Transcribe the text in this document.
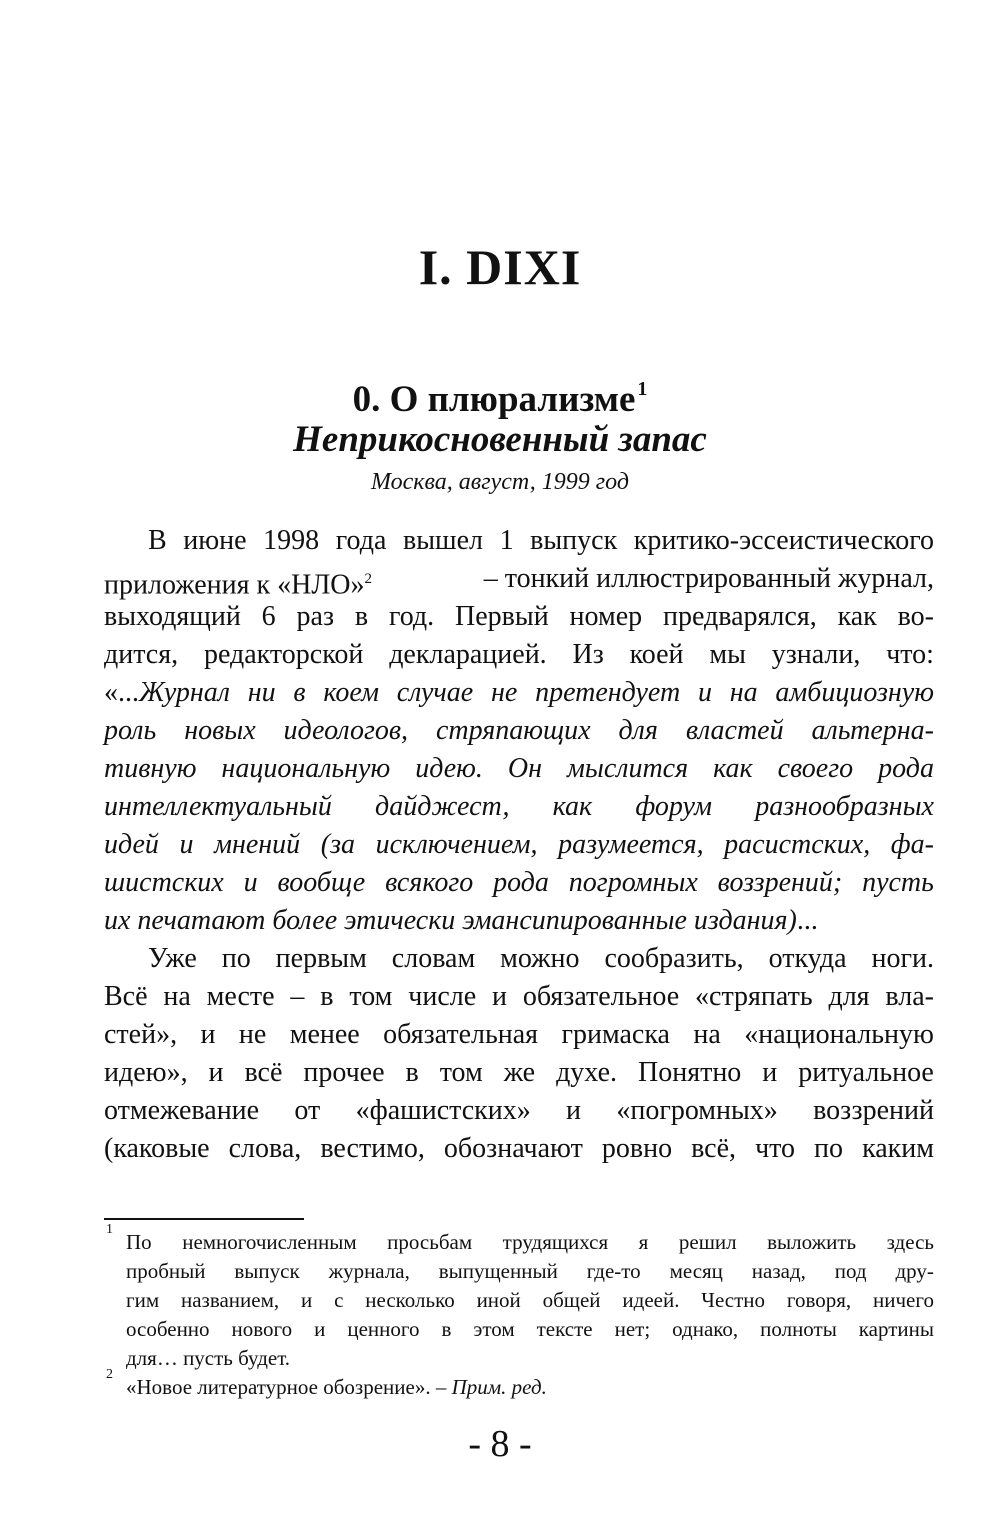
I. DIXI
0. О плюрализме $^1$
Неприкосновенный запас
Москва, август, 1999 год
В июне 1998 года вышел 1 выпуск критико-эссеистического
приложения к «НЛО»$^2$	– тонкий иллюстрированный журнал,
выходящий 6 раз в год. Первый номер предварялся, как во-
дится, редакторской декларацией. Из коей мы узнали, что:
«... Журнал ни в коем случае не претендует и на амбициозную
роль новых идеологов, стряпающих для властей альтерна-
тивную национальную идею. Он мыслится как своего рода
интеллектуальный дайджест, как форум разнообразных
идей и мнений (за исключением, разумеется, расистских, фа-
шистских и вообще всякого рода погромных воззрений; пусть
их печатают более этически эмансипированные издания)...
Уже по первым словам можно сообразить, откуда ноги.
Всё на месте – в том числе и обязательное «стряпать для вла-
стей», и не менее обязательная гримаска на «национальную
идею», и всё прочее в том же духе. Понятно и ритуальное
отмежевание от «фашистских» и «погромных» воззрений
(каковые слова, вестимо, обозначают ровно всё, что по каким
По немногочисленным просьбам трудящихся я решил выложить здесь
пробный выпуск журнала, выпущенный где-то месяц назад, под дру-
гим названием, и с несколько иной общей идеей. Честно говоря, ничего
особенно нового и ценного в этом тексте нет; однако, полноты картины
для… пусть будет.
«Новое литературное обозрение». – Прим. ред.
1
2
- 8 -
